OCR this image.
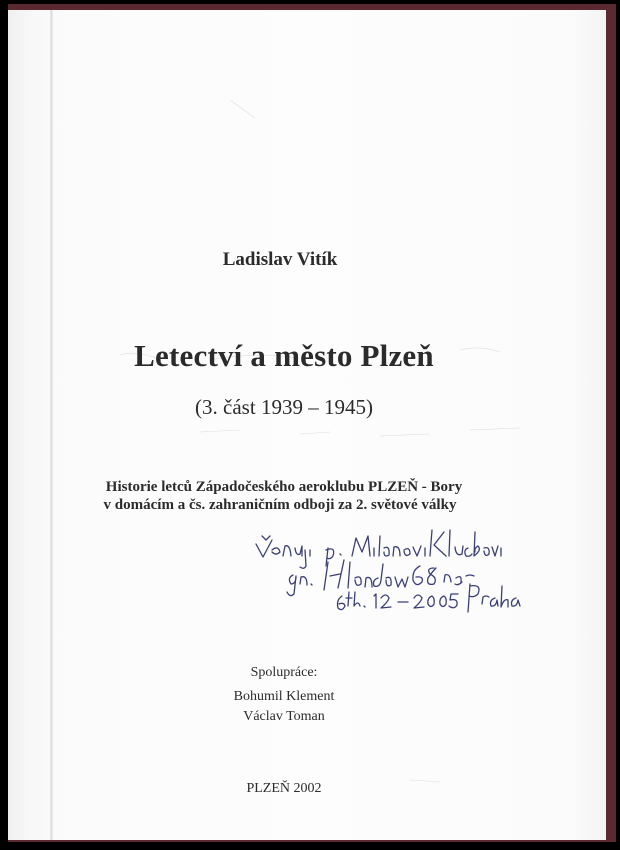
Ladislav Vitík
Letectví a město Plzeň
(3. část 1939 – 1945)
Historie letců Západočeského aeroklubu PLZEŇ - Bory
v domácím a čs. zahraničním odboji za 2. světové války
Spolupráce:
Bohumil Klement
Václav Toman
PLZEŇ 2002
